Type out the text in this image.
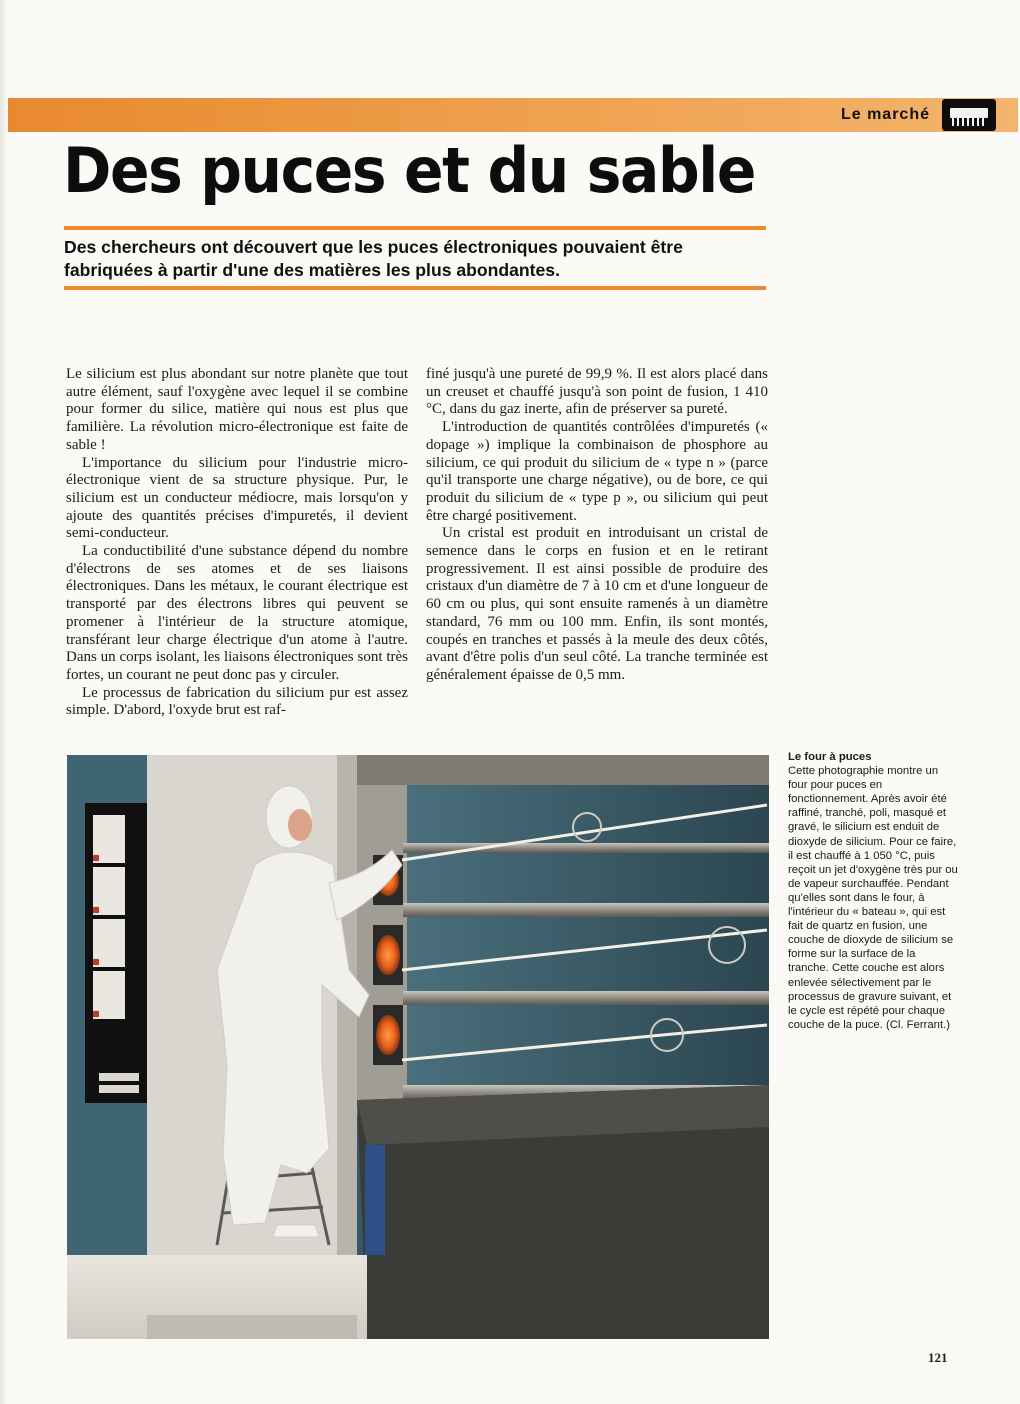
Le marché
Des puces et du sable
Des chercheurs ont découvert que les puces électroniques pouvaient être fabriquées à partir d'une des matières les plus abondantes.

Le silicium est plus abondant sur notre planète que tout autre élément, sauf l'oxygène avec lequel il se combine pour former du silice, matière qui nous est plus que familière. La révolution micro-électronique est faite de sable !

L'importance du silicium pour l'industrie micro-électronique vient de sa structure physique. Pur, le silicium est un conducteur médiocre, mais lorsqu'on y ajoute des quantités précises d'impuretés, il devient semi-conducteur.

La conductibilité d'une substance dépend du nombre d'électrons de ses atomes et de ses liaisons électroniques. Dans les métaux, le courant électrique est transporté par des électrons libres qui peuvent se promener à l'intérieur de la structure atomique, transférant leur charge électrique d'un atome à l'autre. Dans un corps isolant, les liaisons électroniques sont très fortes, un courant ne peut donc pas y circuler.

Le processus de fabrication du silicium pur est assez simple. D'abord, l'oxyde brut est raf-

finé jusqu'à une pureté de 99,9 %. Il est alors placé dans un creuset et chauffé jusqu'à son point de fusion, 1 410 °C, dans du gaz inerte, afin de préserver sa pureté.

L'introduction de quantités contrôlées d'impuretés (« dopage ») implique la combinaison de phosphore au silicium, ce qui produit du silicium de « type n » (parce qu'il transporte une charge négative), ou de bore, ce qui produit du silicium de « type p », ou silicium qui peut être chargé positivement.

Un cristal est produit en introduisant un cristal de semence dans le corps en fusion et en le retirant progressivement. Il est ainsi possible de produire des cristaux d'un diamètre de 7 à 10 cm et d'une longueur de 60 cm ou plus, qui sont ensuite ramenés à un diamètre standard, 76 mm ou 100 mm. Enfin, ils sont montés, coupés en tranches et passés à la meule des deux côtés, avant d'être polis d'un seul côté. La tranche terminée est généralement épaisse de 0,5 mm.

Le four à puces
Cette photographie montre un four pour puces en fonctionnement. Après avoir été raffiné, tranché, poli, masqué et gravé, le silicium est enduit de dioxyde de silicium. Pour ce faire, il est chauffé à 1 050 °C, puis reçoit un jet d'oxygène très pur ou de vapeur surchauffée. Pendant qu'elles sont dans le four, à l'intérieur du « bateau », qui est fait de quartz en fusion, une couche de dioxyde de silicium se forme sur la surface de la tranche. Cette couche est alors enlevée sélectivement par le processus de gravure suivant, et le cycle est répété pour chaque couche de la puce. (Cl. Ferrant.)
121
